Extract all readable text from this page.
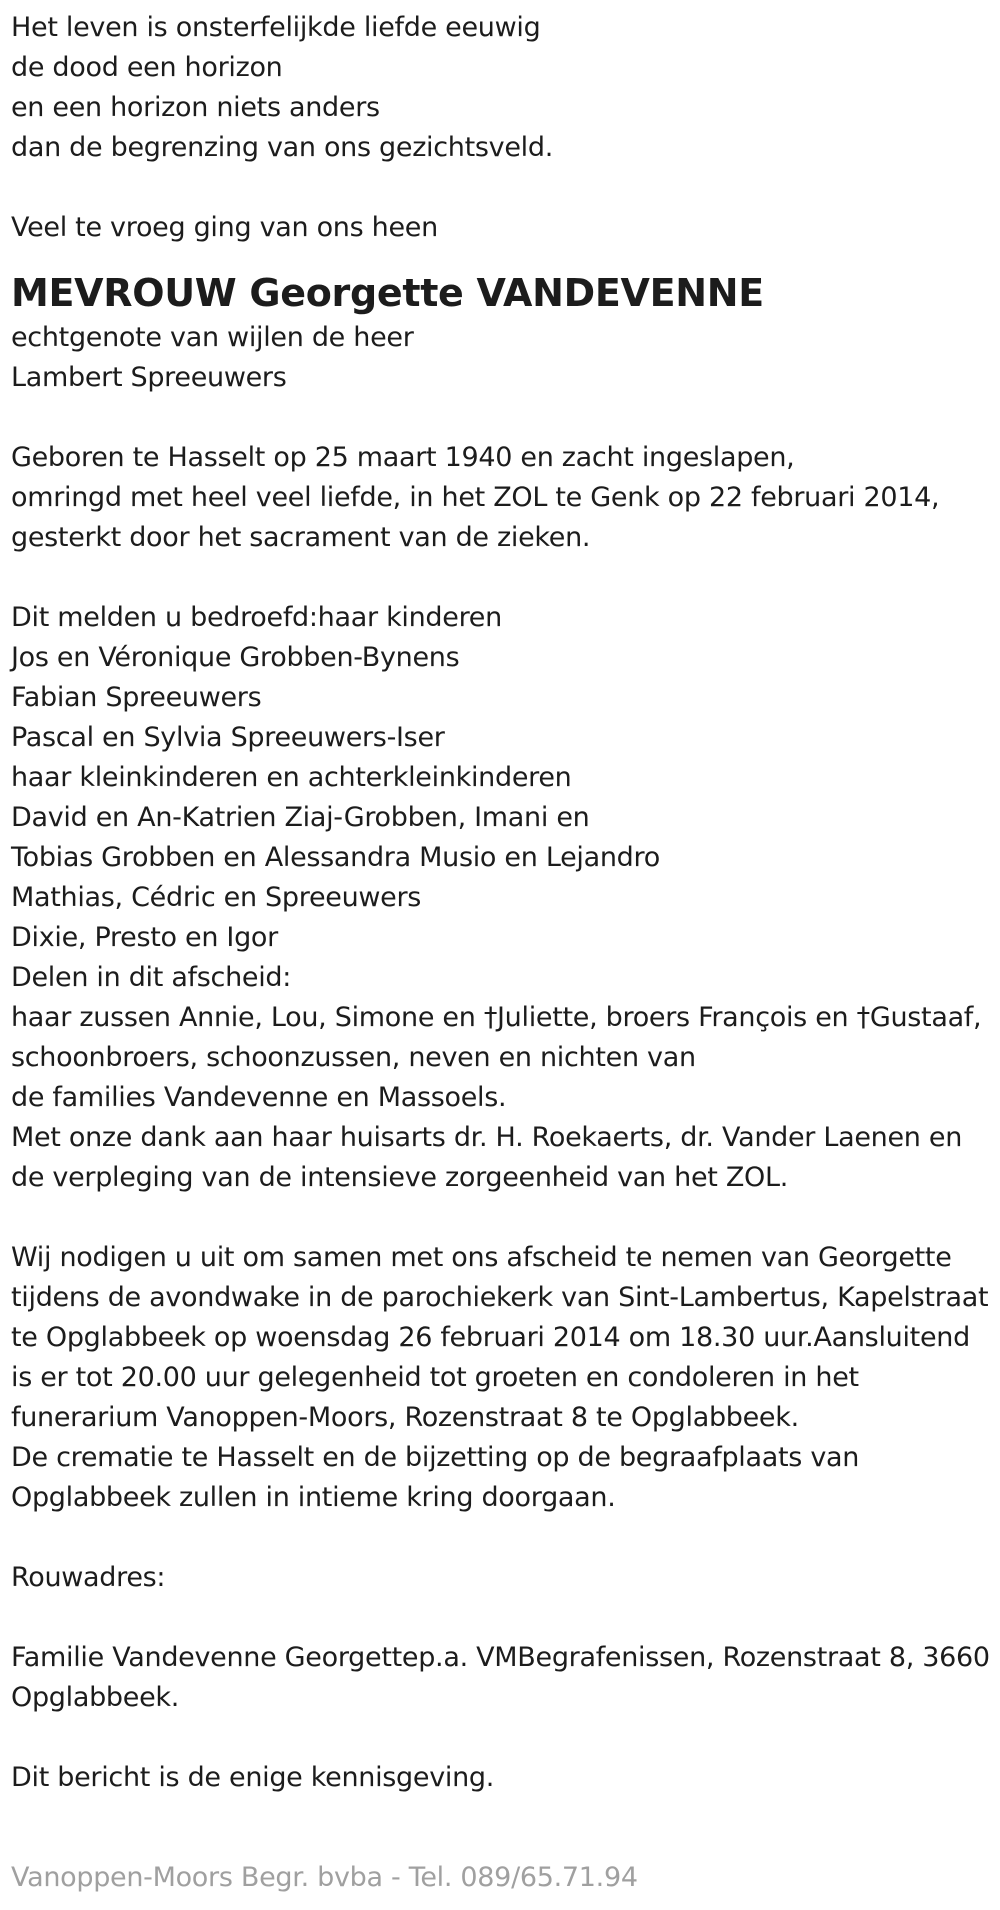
Het leven is onsterfelijkde liefde eeuwig
de dood een horizon
en een horizon niets anders
dan de begrenzing van ons gezichtsveld.
Veel te vroeg ging van ons heen
MEVROUW Georgette VANDEVENNE
echtgenote van wijlen de heer
Lambert Spreeuwers
Geboren te Hasselt op 25 maart 1940 en zacht ingeslapen,
omringd met heel veel liefde, in het ZOL te Genk op 22 februari 2014,
gesterkt door het sacrament van de zieken.
Dit melden u bedroefd:haar kinderen
Jos en Véronique Grobben-Bynens
Fabian Spreeuwers
Pascal en Sylvia Spreeuwers-Iser
haar kleinkinderen en achterkleinkinderen
David en An-Katrien Ziaj-Grobben, Imani en
Tobias Grobben en Alessandra Musio en Lejandro
Mathias, Cédric en Spreeuwers
Dixie, Presto en Igor
Delen in dit afscheid:
haar zussen Annie, Lou, Simone en †Juliette, broers François en †Gustaaf,
schoonbroers, schoonzussen, neven en nichten van
de families Vandevenne en Massoels.
Met onze dank aan haar huisarts dr. H. Roekaerts, dr. Vander Laenen en
de verpleging van de intensieve zorgeenheid van het ZOL.
Wij nodigen u uit om samen met ons afscheid te nemen van Georgette
tijdens de avondwake in de parochiekerk van Sint-Lambertus, Kapelstraat
te Opglabbeek op woensdag 26 februari 2014 om 18.30 uur.Aansluitend
is er tot 20.00 uur gelegenheid tot groeten en condoleren in het
funerarium Vanoppen-Moors, Rozenstraat 8 te Opglabbeek.
De crematie te Hasselt en de bijzetting op de begraafplaats van
Opglabbeek zullen in intieme kring doorgaan.
Rouwadres:
Familie Vandevenne Georgettep.a. VMBegrafenissen, Rozenstraat 8, 3660
Opglabbeek.
Dit bericht is de enige kennisgeving.
Vanoppen-Moors Begr. bvba - Tel. 089/65.71.94
